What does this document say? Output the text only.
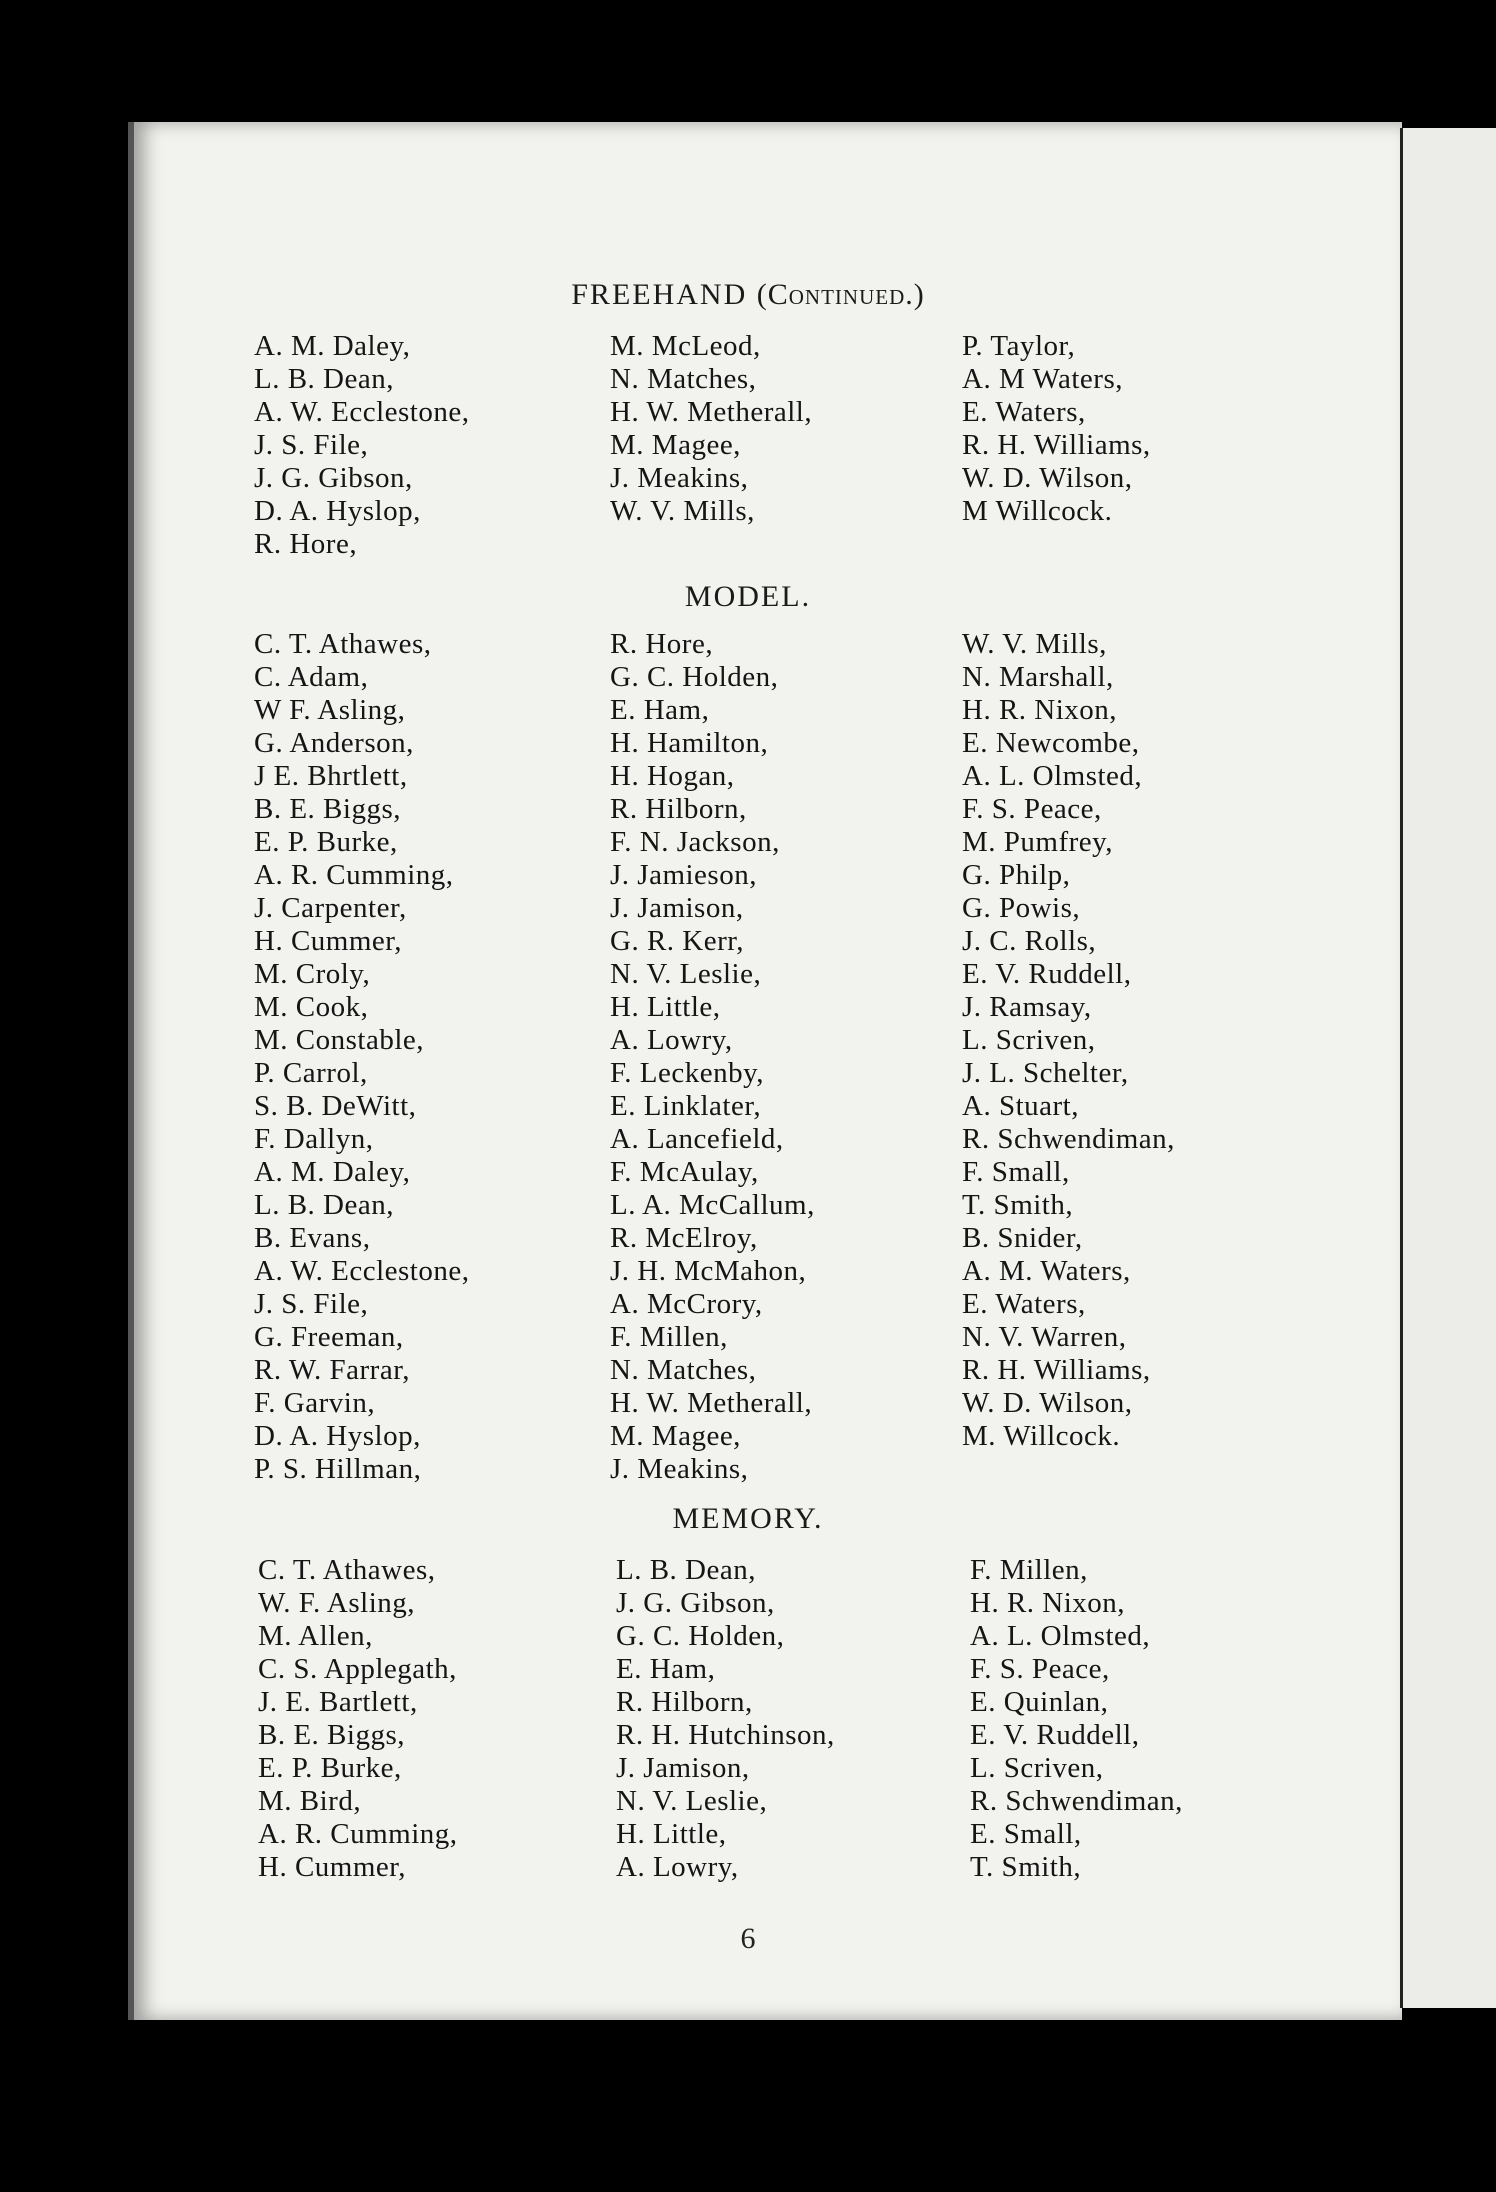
FREEHAND (Continued.)
A. M. Daley,
L. B. Dean,
A. W. Ecclestone,
J. S. File,
J. G. Gibson,
D. A. Hyslop,
R. Hore,
M. McLeod,
N. Matches,
H. W. Metherall,
M. Magee,
J. Meakins,
W. V. Mills,
P. Taylor,
A. M Waters,
E. Waters,
R. H. Williams,
W. D. Wilson,
M Willcock.
MODEL.
C. T. Athawes,
C. Adam,
W F. Asling,
G. Anderson,
J E. Bhrtlett,
B. E. Biggs,
E. P. Burke,
A. R. Cumming,
J. Carpenter,
H. Cummer,
M. Croly,
M. Cook,
M. Constable,
P. Carrol,
S. B. DeWitt,
F. Dallyn,
A. M. Daley,
L. B. Dean,
B. Evans,
A. W. Ecclestone,
J. S. File,
G. Freeman,
R. W. Farrar,
F. Garvin,
D. A. Hyslop,
P. S. Hillman,
R. Hore,
G. C. Holden,
E. Ham,
H. Hamilton,
H. Hogan,
R. Hilborn,
F. N. Jackson,
J. Jamieson,
J. Jamison,
G. R. Kerr,
N. V. Leslie,
H. Little,
A. Lowry,
F. Leckenby,
E. Linklater,
A. Lancefield,
F. McAulay,
L. A. McCallum,
R. McElroy,
J. H. McMahon,
A. McCrory,
F. Millen,
N. Matches,
H. W. Metherall,
M. Magee,
J. Meakins,
W. V. Mills,
N. Marshall,
H. R. Nixon,
E. Newcombe,
A. L. Olmsted,
F. S. Peace,
M. Pumfrey,
G. Philp,
G. Powis,
J. C. Rolls,
E. V. Ruddell,
J. Ramsay,
L. Scriven,
J. L. Schelter,
A. Stuart,
R. Schwendiman,
F. Small,
T. Smith,
B. Snider,
A. M. Waters,
E. Waters,
N. V. Warren,
R. H. Williams,
W. D. Wilson,
M. Willcock.
MEMORY.
C. T. Athawes,
W. F. Asling,
M. Allen,
C. S. Applegath,
J. E. Bartlett,
B. E. Biggs,
E. P. Burke,
M. Bird,
A. R. Cumming,
H. Cummer,
L. B. Dean,
J. G. Gibson,
G. C. Holden,
E. Ham,
R. Hilborn,
R. H. Hutchinson,
J. Jamison,
N. V. Leslie,
H. Little,
A. Lowry,
F. Millen,
H. R. Nixon,
A. L. Olmsted,
F. S. Peace,
E. Quinlan,
E. V. Ruddell,
L. Scriven,
R. Schwendiman,
E. Small,
T. Smith,
6
